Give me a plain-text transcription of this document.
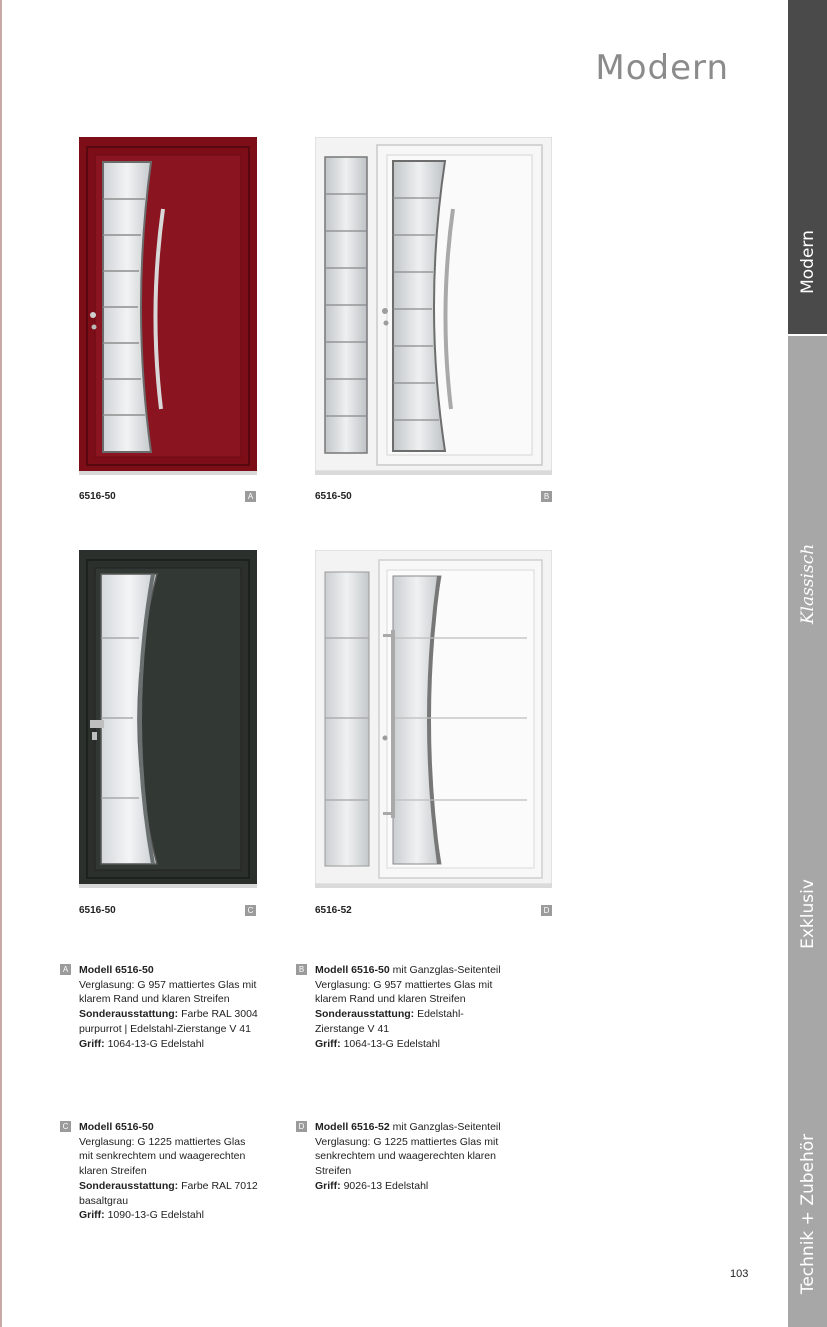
Modern
Modern
Klassisch
Exklusiv
Technik + Zubehör
6516-50	A	6516-50	B
6516-50	C	6516-52	D
A Modell 6516-50
Verglasung: G 957 mattiertes Glas mit klarem Rand und klaren Streifen
Sonderausstattung: Farbe RAL 3004 purpurrot | Edelstahl-Zierstange V 41
Griff: 1064-13-G Edelstahl
B Modell 6516-50 mit Ganzglas-Seitenteil
Verglasung: G 957 mattiertes Glas mit klarem Rand und klaren Streifen
Sonderausstattung: Edelstahl-Zierstange V 41
Griff: 1064-13-G Edelstahl
C Modell 6516-50
Verglasung: G 1225 mattiertes Glas mit senkrechtem und waagerechten klaren Streifen
Sonderausstattung: Farbe RAL 7012 basaltgrau
Griff: 1090-13-G Edelstahl
D Modell 6516-52 mit Ganzglas-Seitenteil
Verglasung: G 1225 mattiertes Glas mit senkrechtem und waagerechten klaren Streifen
Griff: 9026-13 Edelstahl
103
